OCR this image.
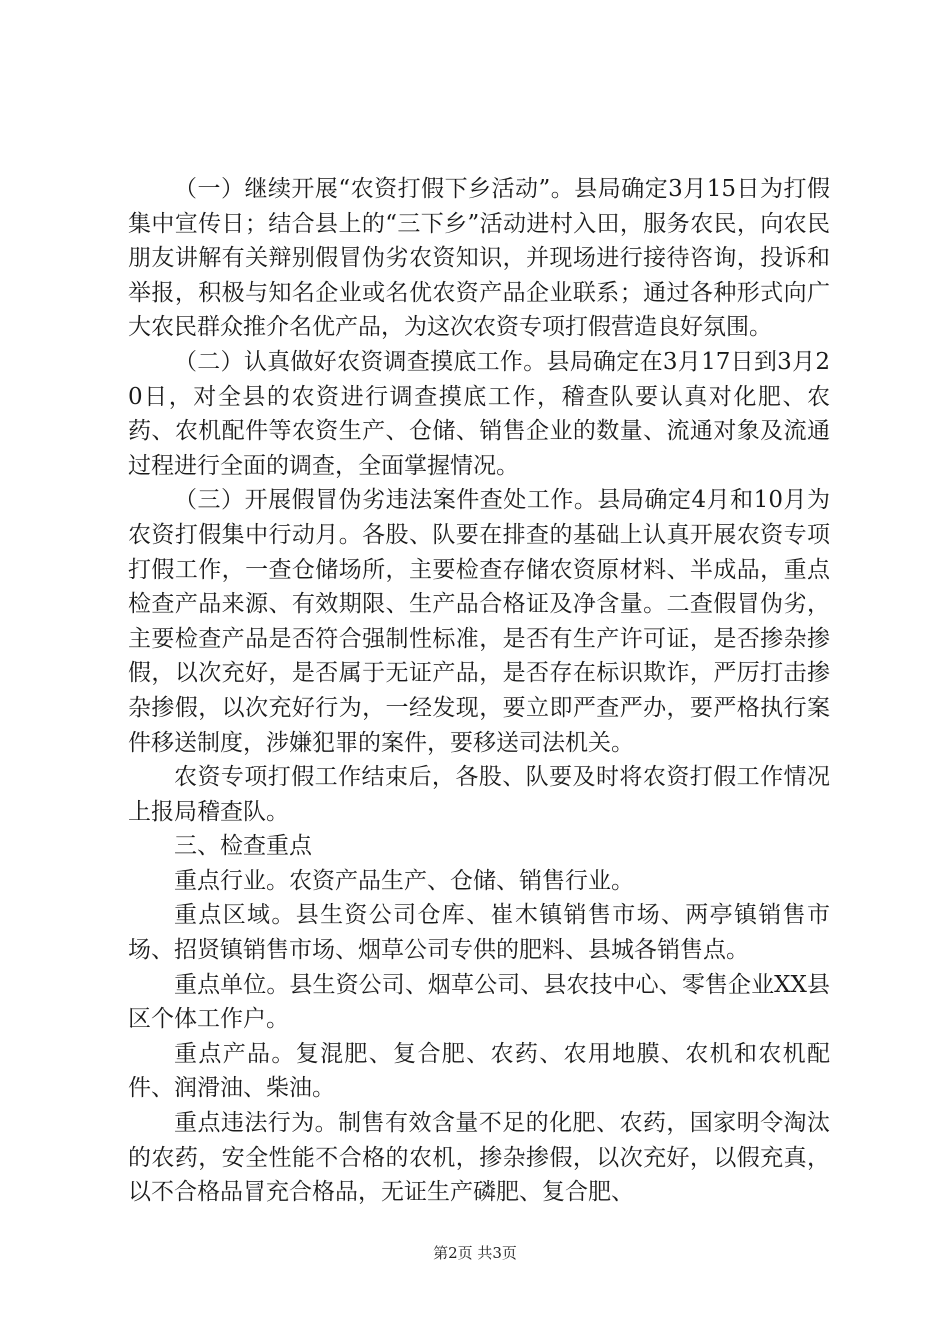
（一）继续开展“农资打假下乡活动”。县局确定3月15日为打假集中宣传日；结合县上的“三下乡”活动进村入田，服务农民，向农民朋友讲解有关辩别假冒伪劣农资知识，并现场进行接待咨询，投诉和举报，积极与知名企业或名优农资产品企业联系；通过各种形式向广大农民群众推介名优产品，为这次农资专项打假营造良好氛围。

（二）认真做好农资调查摸底工作。县局确定在3月17日到3月20日，对全县的农资进行调查摸底工作，稽查队要认真对化肥、农药、农机配件等农资生产、仓储、销售企业的数量、流通对象及流通过程进行全面的调查，全面掌握情况。

（三）开展假冒伪劣违法案件查处工作。县局确定4月和10月为农资打假集中行动月。各股、队要在排查的基础上认真开展农资专项打假工作，一查仓储场所，主要检查存储农资原材料、半成品，重点检查产品来源、有效期限、生产品合格证及净含量。二查假冒伪劣，主要检查产品是否符合强制性标准，是否有生产许可证，是否掺杂掺假，以次充好，是否属于无证产品，是否存在标识欺诈，严厉打击掺杂掺假，以次充好行为，一经发现，要立即严查严办，要严格执行案件移送制度，涉嫌犯罪的案件，要移送司法机关。

农资专项打假工作结束后，各股、队要及时将农资打假工作情况上报局稽查队。

三、检查重点

重点行业。农资产品生产、仓储、销售行业。

重点区域。县生资公司仓库、崔木镇销售市场、两亭镇销售市场、招贤镇销售市场、烟草公司专供的肥料、县城各销售点。

重点单位。县生资公司、烟草公司、县农技中心、零售企业XX县区个体工作户。

重点产品。复混肥、复合肥、农药、农用地膜、农机和农机配件、润滑油、柴油。

重点违法行为。制售有效含量不足的化肥、农药，国家明令淘汰的农药，安全性能不合格的农机，掺杂掺假，以次充好，以假充真，以不合格品冒充合格品，无证生产磷肥、复合肥、

第2页 共3页
